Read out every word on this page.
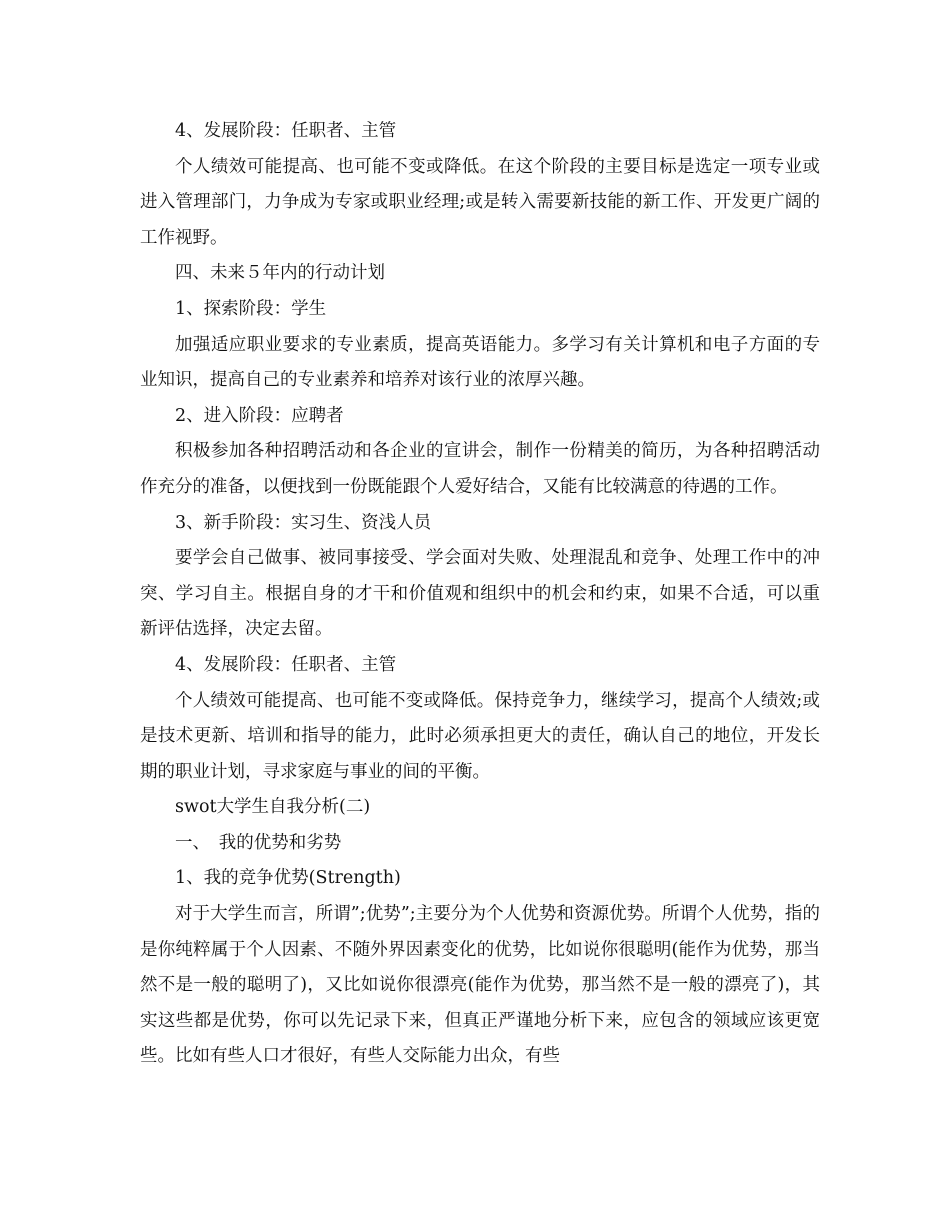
4、发展阶段：任职者、主管

个人绩效可能提高、也可能不变或降低。在这个阶段的主要目标是选定一项专业或进入管理部门，力争成为专家或职业经理;或是转入需要新技能的新工作、开发更广阔的工作视野。

四、未来５年内的行动计划

1、探索阶段：学生

加强适应职业要求的专业素质，提高英语能力。多学习有关计算机和电子方面的专业知识，提高自己的专业素养和培养对该行业的浓厚兴趣。

2、进入阶段：应聘者

积极参加各种招聘活动和各企业的宣讲会，制作一份精美的简历，为各种招聘活动作充分的准备，以便找到一份既能跟个人爱好结合，又能有比较满意的待遇的工作。

3、新手阶段：实习生、资浅人员

要学会自己做事、被同事接受、学会面对失败、处理混乱和竞争、处理工作中的冲突、学习自主。根据自身的才干和价值观和组织中的机会和约束，如果不合适，可以重新评估选择，决定去留。

4、发展阶段：任职者、主管

个人绩效可能提高、也可能不变或降低。保持竞争力，继续学习，提高个人绩效;或是技术更新、培训和指导的能力，此时必须承担更大的责任，确认自己的地位，开发长期的职业计划，寻求家庭与事业的间的平衡。

swot大学生自我分析(二)

一、　我的优势和劣势

1、我的竞争优势(Strength)

对于大学生而言，所谓”;优势”;主要分为个人优势和资源优势。所谓个人优势，指的是你纯粹属于个人因素、不随外界因素变化的优势，比如说你很聪明(能作为优势，那当然不是一般的聪明了)，又比如说你很漂亮(能作为优势，那当然不是一般的漂亮了)，其实这些都是优势，你可以先记录下来，但真正严谨地分析下来，应包含的领域应该更宽些。比如有些人口才很好，有些人交际能力出众，有些
